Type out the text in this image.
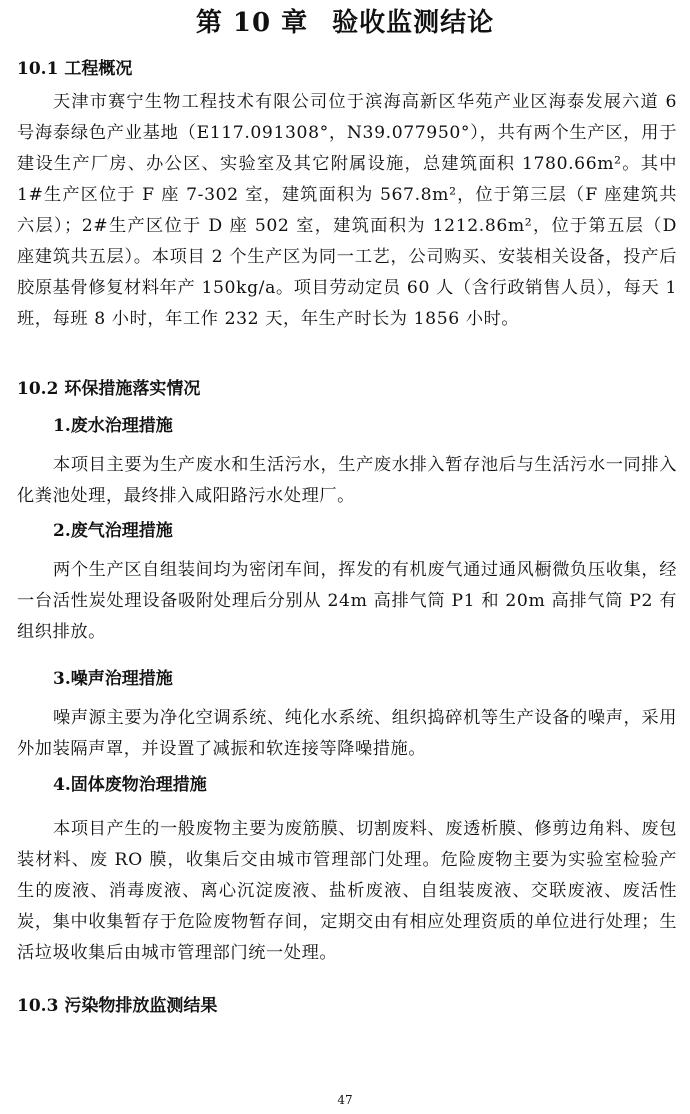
第 10 章 验收监测结论
10.1 工程概况
天津市赛宁生物工程技术有限公司位于滨海高新区华苑产业区海泰发展六道 6 号海泰绿色产业基地（E117.091308°，N39.077950°），共有两个生产区，用于建设生产厂房、办公区、实验室及其它附属设施，总建筑面积 1780.66m²。其中 1#生产区位于 F 座 7-302 室，建筑面积为 567.8m²，位于第三层（F 座建筑共六层）；2#生产区位于 D 座 502 室，建筑面积为 1212.86m²，位于第五层（D 座建筑共五层）。本项目 2 个生产区为同一工艺，公司购买、安装相关设备，投产后胶原基骨修复材料年产 150kg/a。项目劳动定员 60 人（含行政销售人员），每天 1 班，每班 8 小时，年工作 232 天，年生产时长为 1856 小时。
10.2 环保措施落实情况
1.废水治理措施
本项目主要为生产废水和生活污水，生产废水排入暂存池后与生活污水一同排入化粪池处理，最终排入咸阳路污水处理厂。
2.废气治理措施
两个生产区自组装间均为密闭车间，挥发的有机废气通过通风橱微负压收集，经一台活性炭处理设备吸附处理后分别从 24m 高排气筒 P1 和 20m 高排气筒 P2 有组织排放。
3.噪声治理措施
噪声源主要为净化空调系统、纯化水系统、组织捣碎机等生产设备的噪声，采用外加装隔声罩，并设置了减振和软连接等降噪措施。
4.固体废物治理措施
本项目产生的一般废物主要为废筋膜、切割废料、废透析膜、修剪边角料、废包装材料、废 RO 膜，收集后交由城市管理部门处理。危险废物主要为实验室检验产生的废液、消毒废液、离心沉淀废液、盐析废液、自组装废液、交联废液、废活性炭，集中收集暂存于危险废物暂存间，定期交由有相应处理资质的单位进行处理；生活垃圾收集后由城市管理部门统一处理。
10.3 污染物排放监测结果
47
